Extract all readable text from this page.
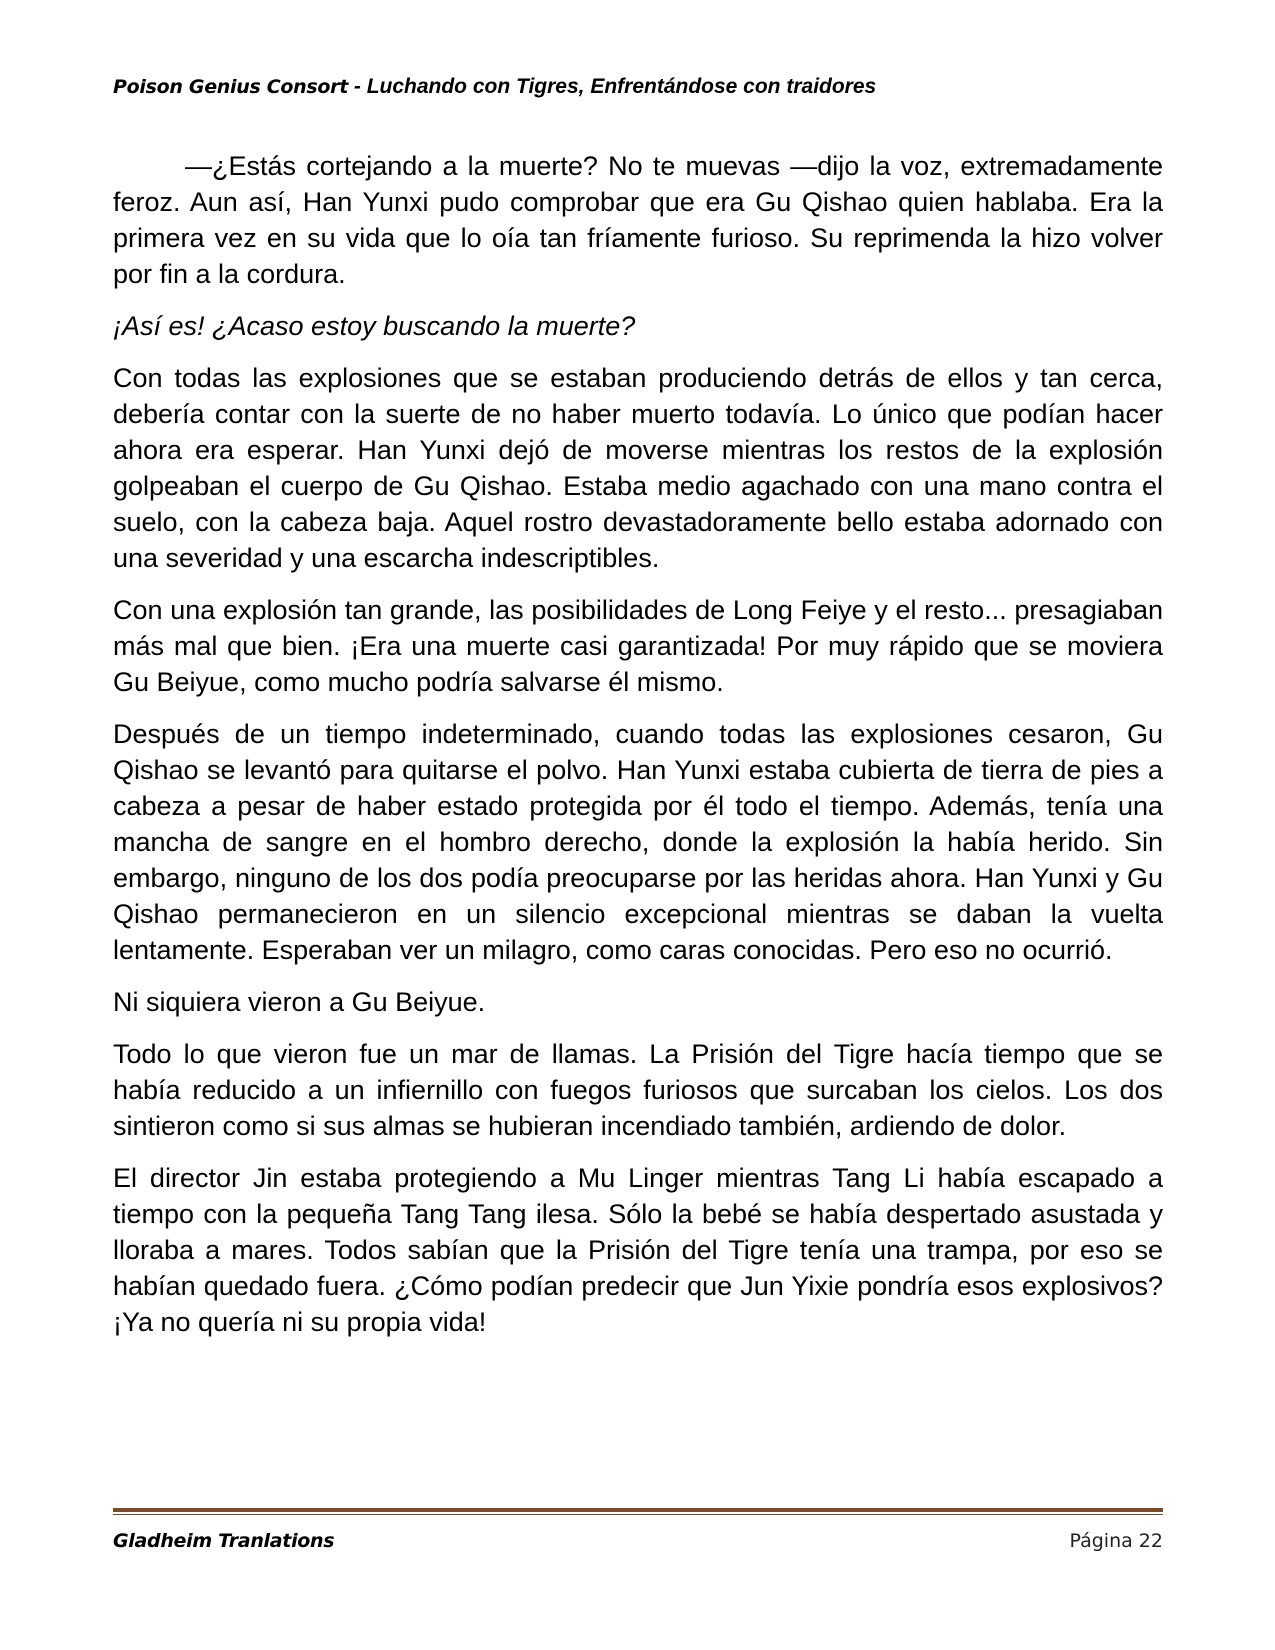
Poison Genius Consort - Luchando con Tigres, Enfrentándose con traidores

—¿Estás cortejando a la muerte? No te muevas —dijo la voz, extremadamente feroz. Aun así, Han Yunxi pudo comprobar que era Gu Qishao quien hablaba. Era la primera vez en su vida que lo oía tan fríamente furioso. Su reprimenda la hizo volver por fin a la cordura.

¡Así es! ¿Acaso estoy buscando la muerte?

Con todas las explosiones que se estaban produciendo detrás de ellos y tan cerca, debería contar con la suerte de no haber muerto todavía. Lo único que podían hacer ahora era esperar. Han Yunxi dejó de moverse mientras los restos de la explosión golpeaban el cuerpo de Gu Qishao. Estaba medio agachado con una mano contra el suelo, con la cabeza baja. Aquel rostro devastadoramente bello estaba adornado con una severidad y una escarcha indescriptibles.

Con una explosión tan grande, las posibilidades de Long Feiye y el resto... presagiaban más mal que bien. ¡Era una muerte casi garantizada! Por muy rápido que se moviera Gu Beiyue, como mucho podría salvarse él mismo.

Después de un tiempo indeterminado, cuando todas las explosiones cesaron, Gu Qishao se levantó para quitarse el polvo. Han Yunxi estaba cubierta de tierra de pies a cabeza a pesar de haber estado protegida por él todo el tiempo. Además, tenía una mancha de sangre en el hombro derecho, donde la explosión la había herido. Sin embargo, ninguno de los dos podía preocuparse por las heridas ahora. Han Yunxi y Gu Qishao permanecieron en un silencio excepcional mientras se daban la vuelta lentamente. Esperaban ver un milagro, como caras conocidas. Pero eso no ocurrió.

Ni siquiera vieron a Gu Beiyue.

Todo lo que vieron fue un mar de llamas. La Prisión del Tigre hacía tiempo que se había reducido a un infiernillo con fuegos furiosos que surcaban los cielos. Los dos sintieron como si sus almas se hubieran incendiado también, ardiendo de dolor.

El director Jin estaba protegiendo a Mu Linger mientras Tang Li había escapado a tiempo con la pequeña Tang Tang ilesa. Sólo la bebé se había despertado asustada y lloraba a mares. Todos sabían que la Prisión del Tigre tenía una trampa, por eso se habían quedado fuera. ¿Cómo podían predecir que Jun Yixie pondría esos explosivos? ¡Ya no quería ni su propia vida!

Gladheim Tranlations	Página 22
